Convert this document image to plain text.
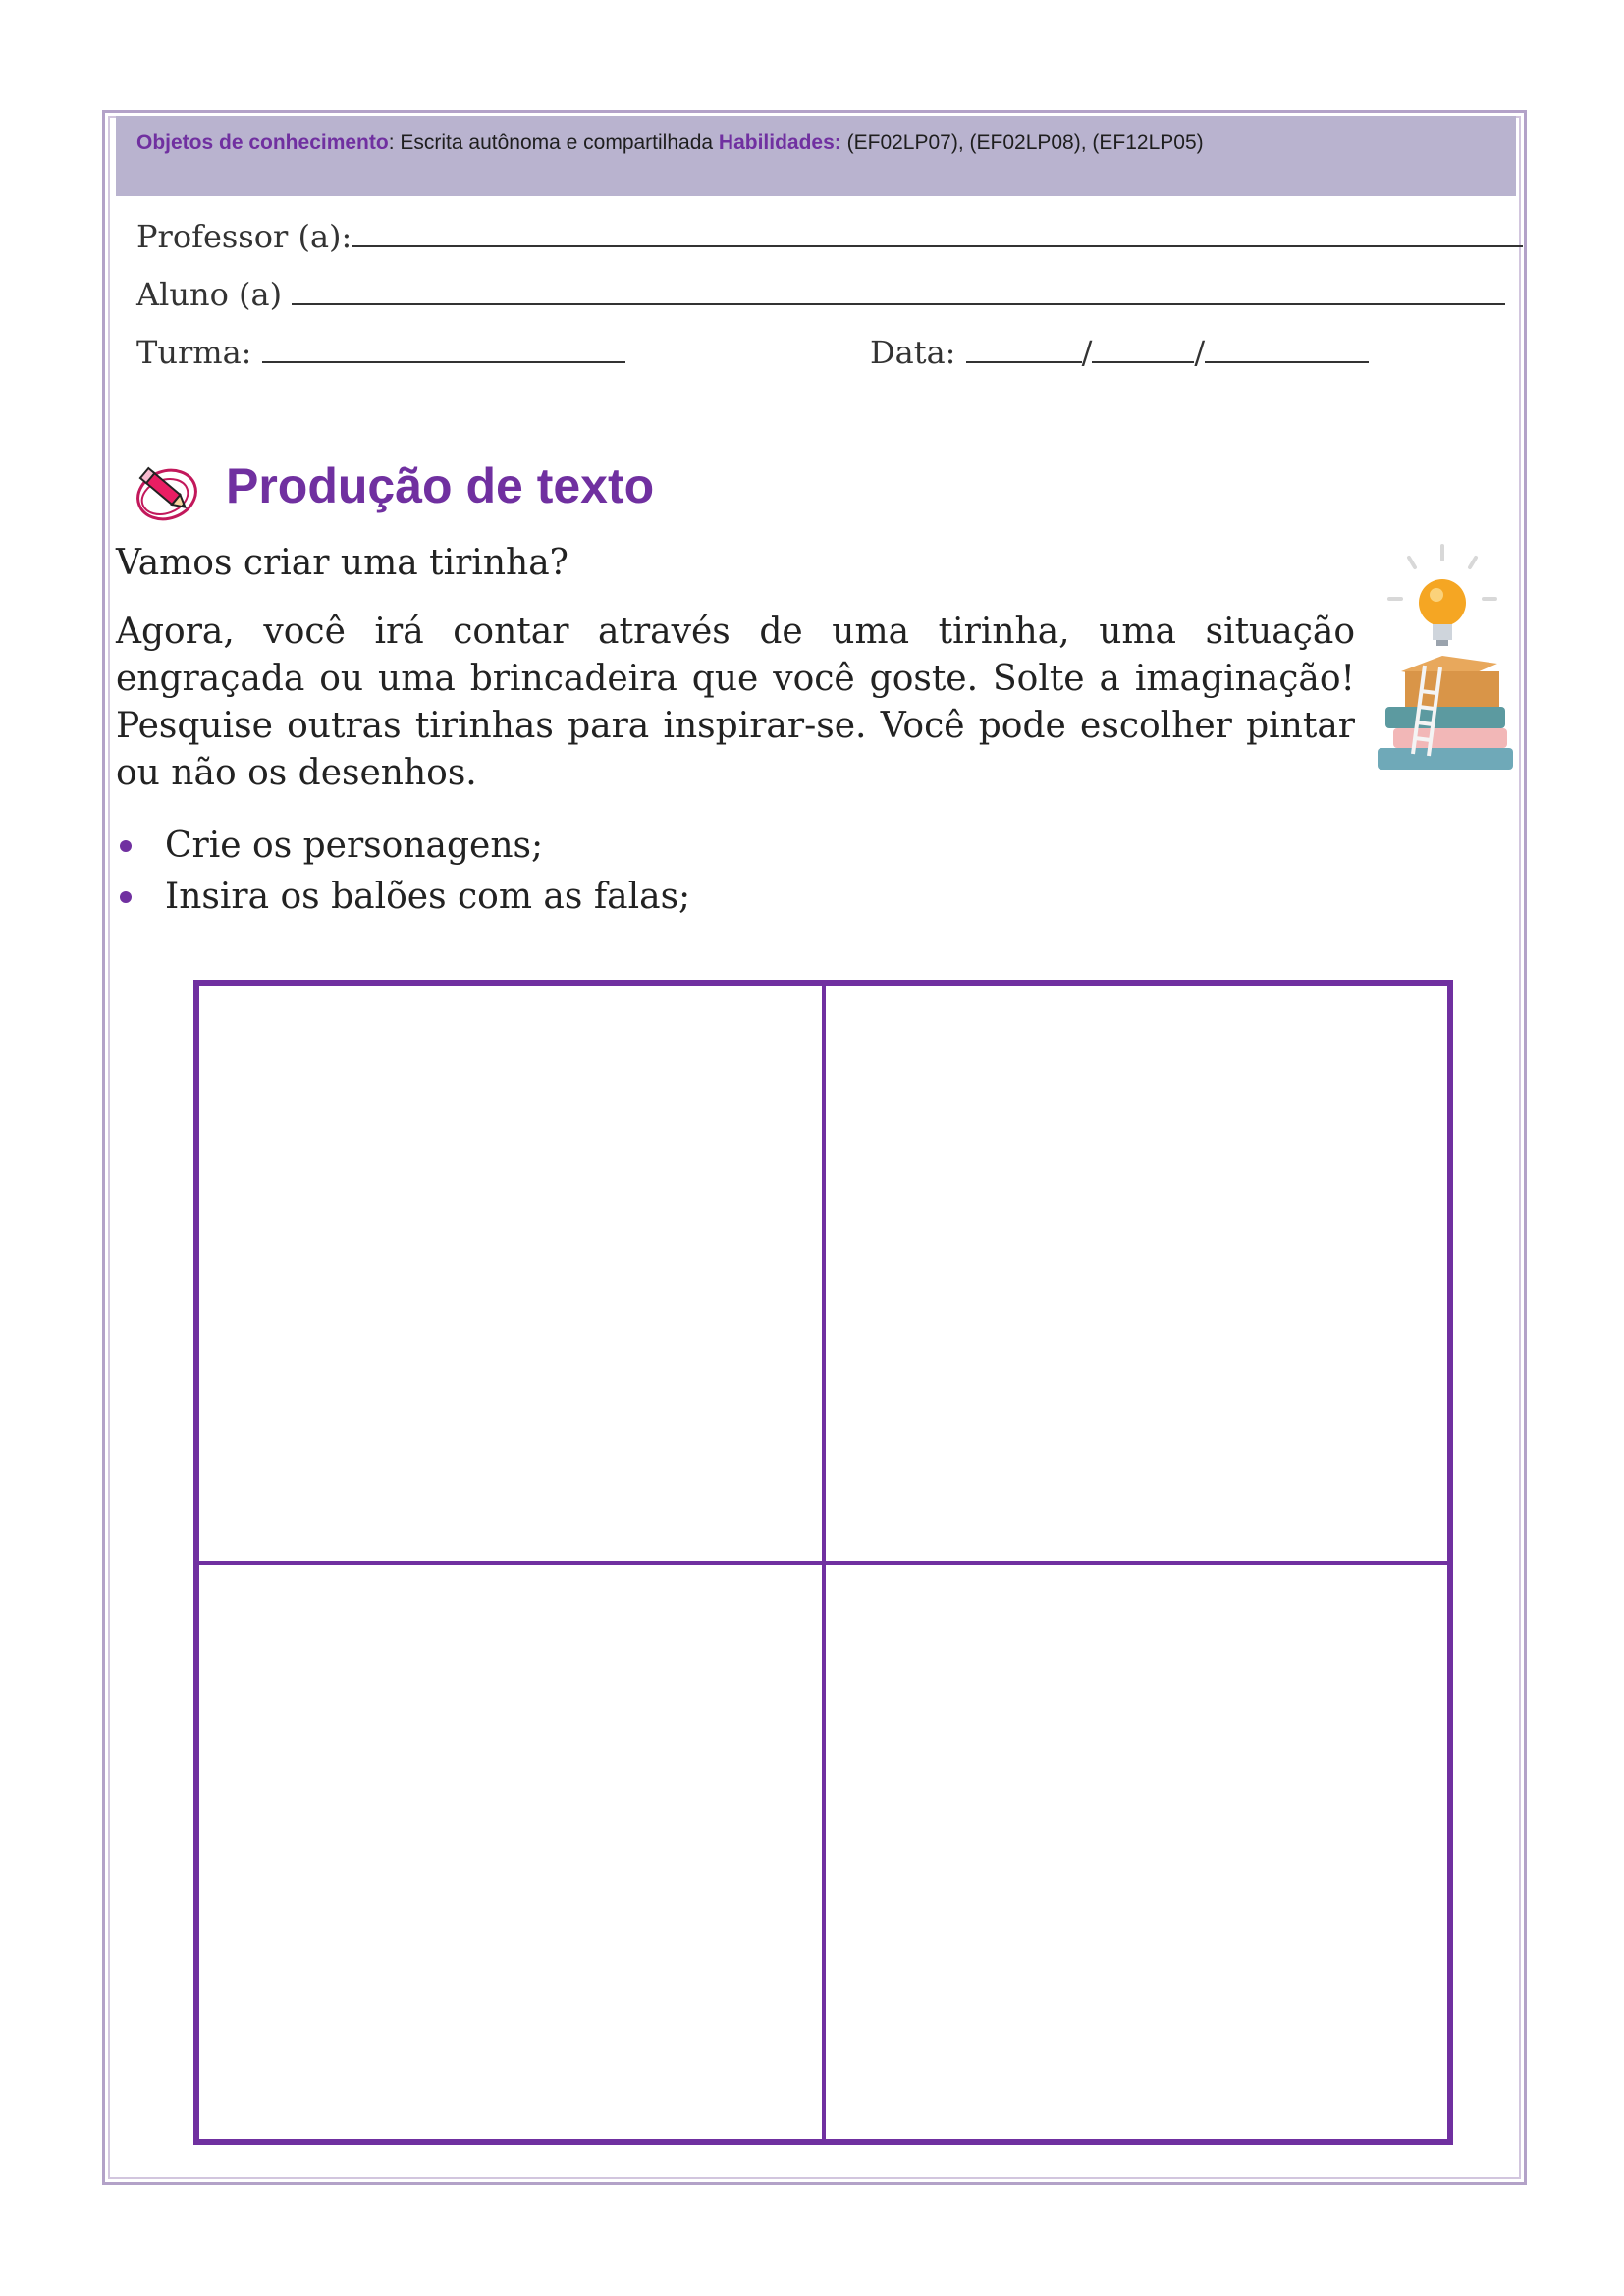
Objetos de conhecimento: Escrita autônoma e compartilhada Habilidades: (EF02LP07), (EF02LP08), (EF12LP05)
Professor (a):
Aluno (a)
Turma:	Data:	/	/
Produção de texto
Vamos criar uma tirinha?
Agora, você irá contar através de uma tirinha, uma situação engraçada ou uma brincadeira que você goste. Solte a imaginação! Pesquise outras tirinhas para inspirar-se. Você pode escolher pintar ou não os desenhos.
Crie os personagens;
Insira os balões com as falas;
